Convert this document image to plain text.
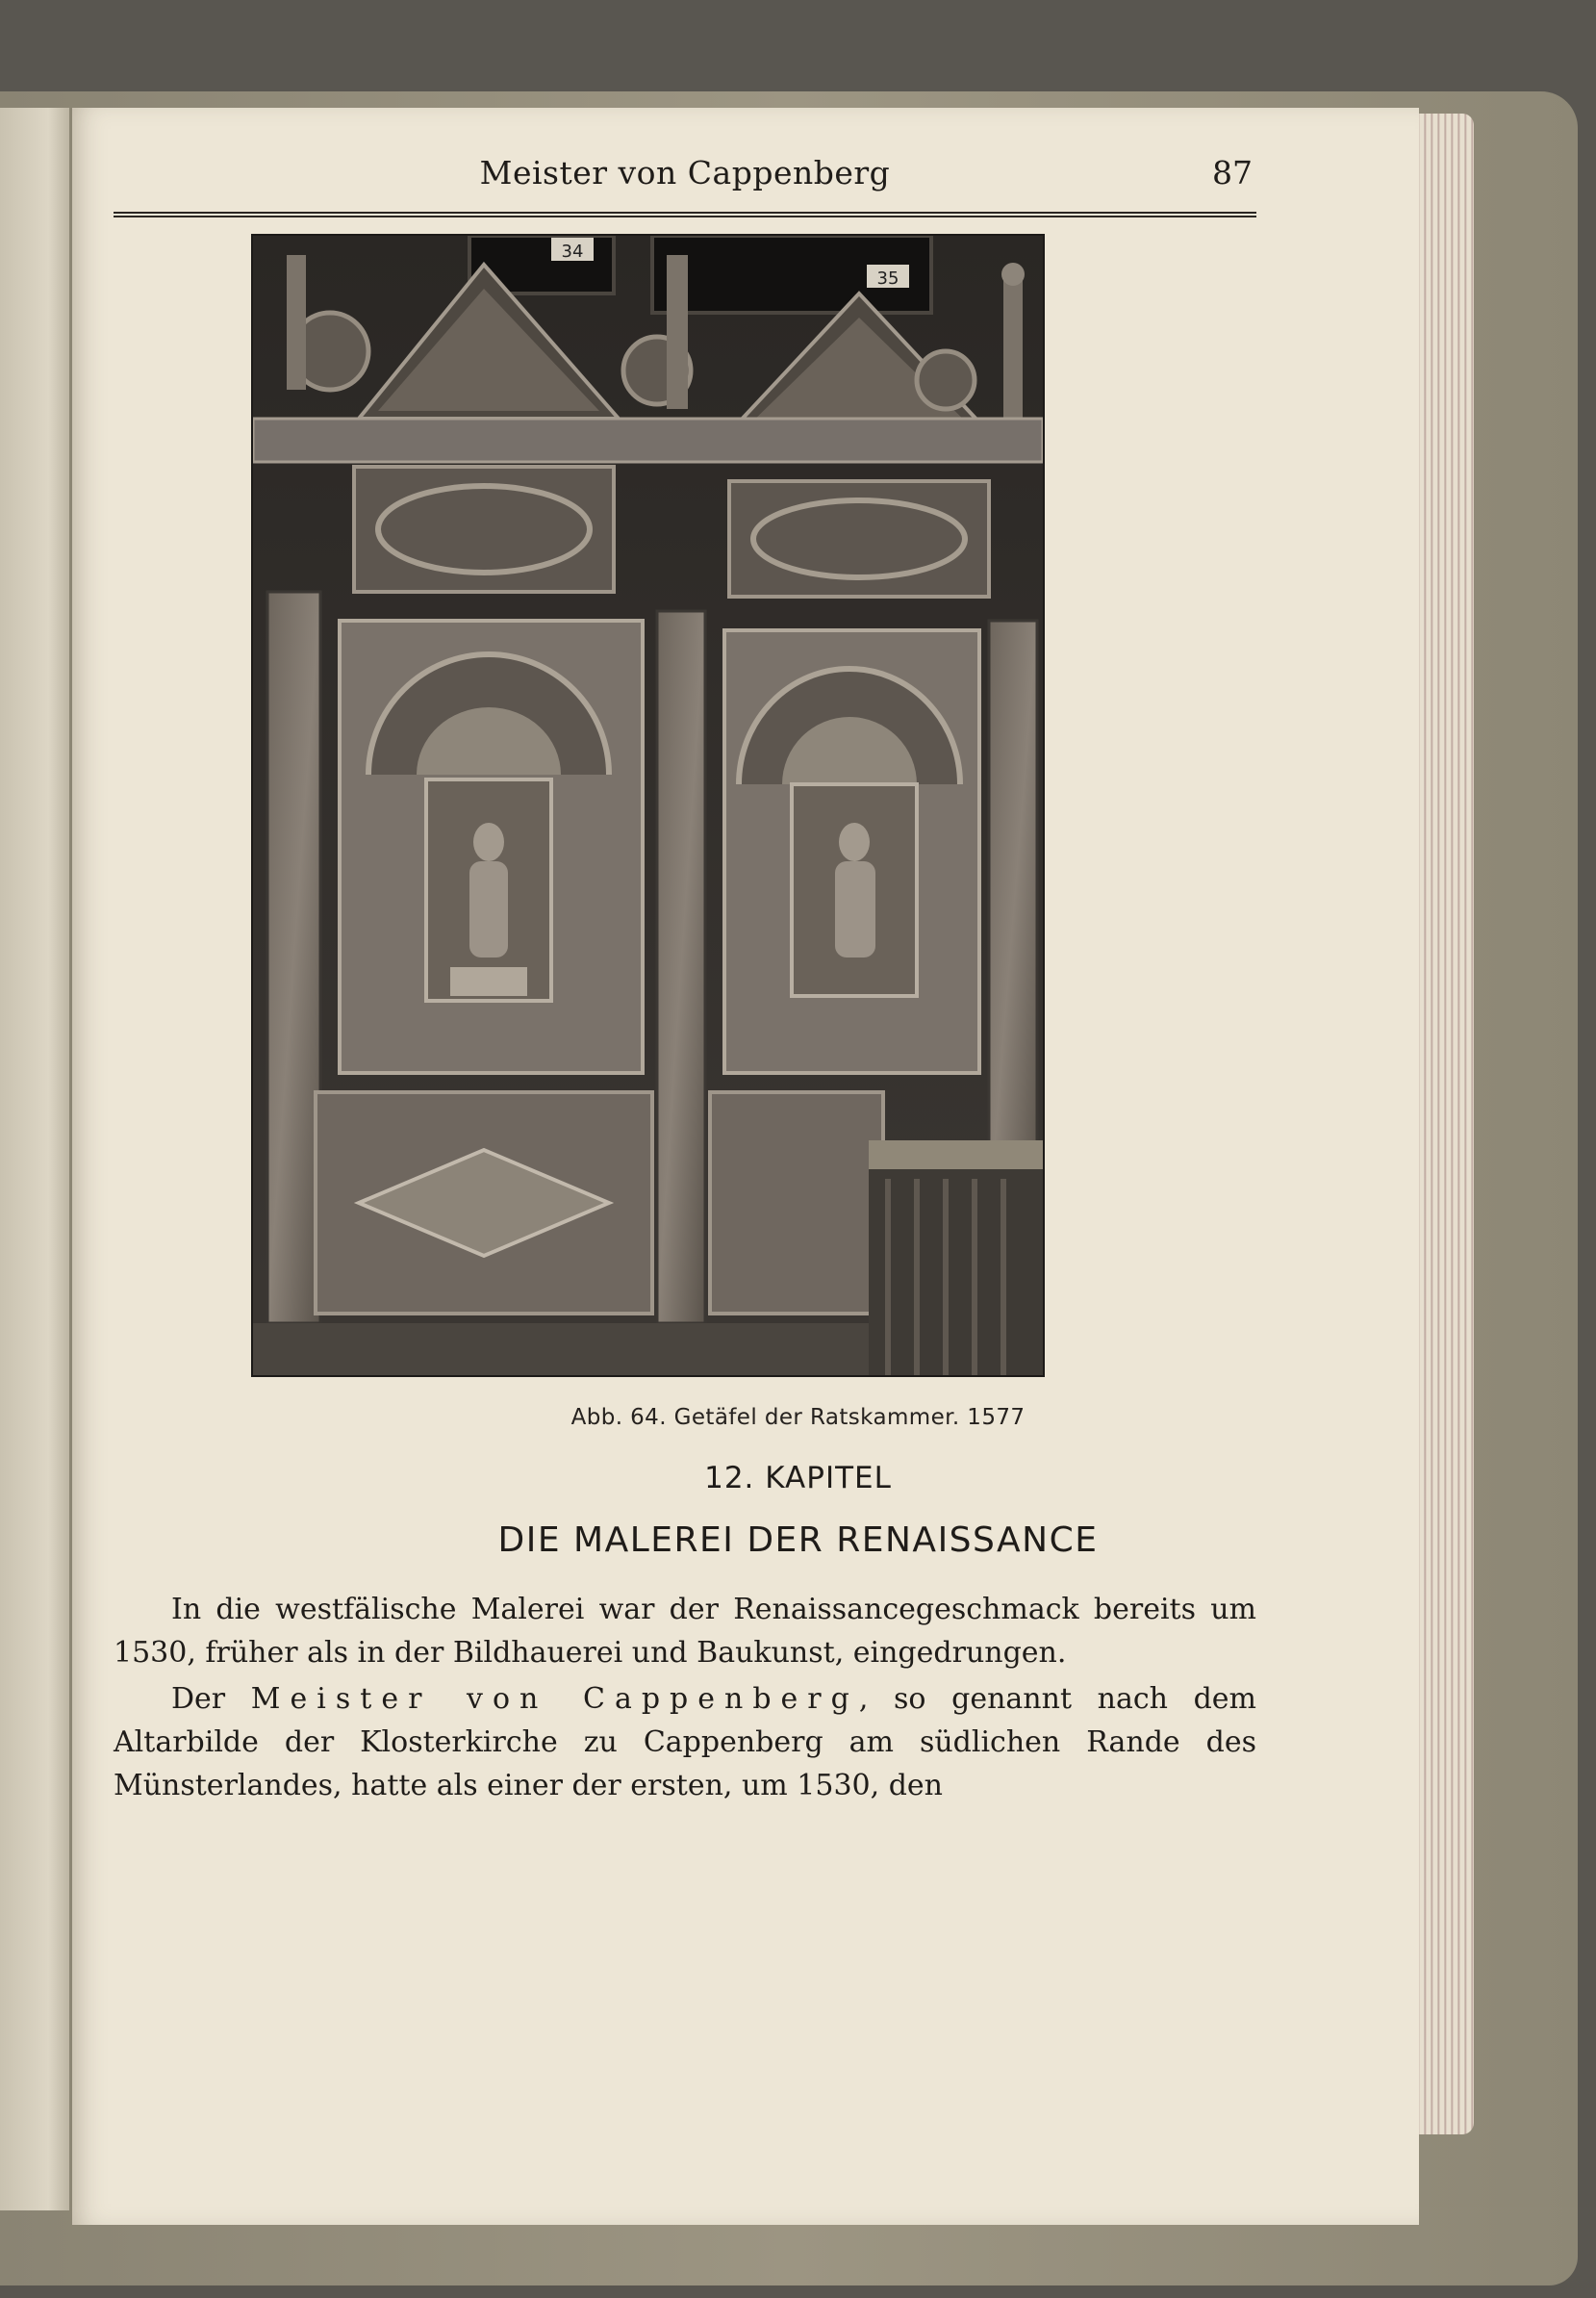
Meister von Cappenberg	87
34
35
Abb. 64. Getäfel der Ratskammer. 1577
12. KAPITEL
DIE MALEREI DER RENAISSANCE

In die westfälische Malerei war der Renaissancegeschmack bereits um 1530, früher als in der Bildhauerei und Baukunst, eingedrungen.

Der Meister von Cappenberg, so genannt nach dem Altarbilde der Klosterkirche zu Cappenberg am südlichen Rande des Münsterlandes, hatte als einer der ersten, um 1530, den
